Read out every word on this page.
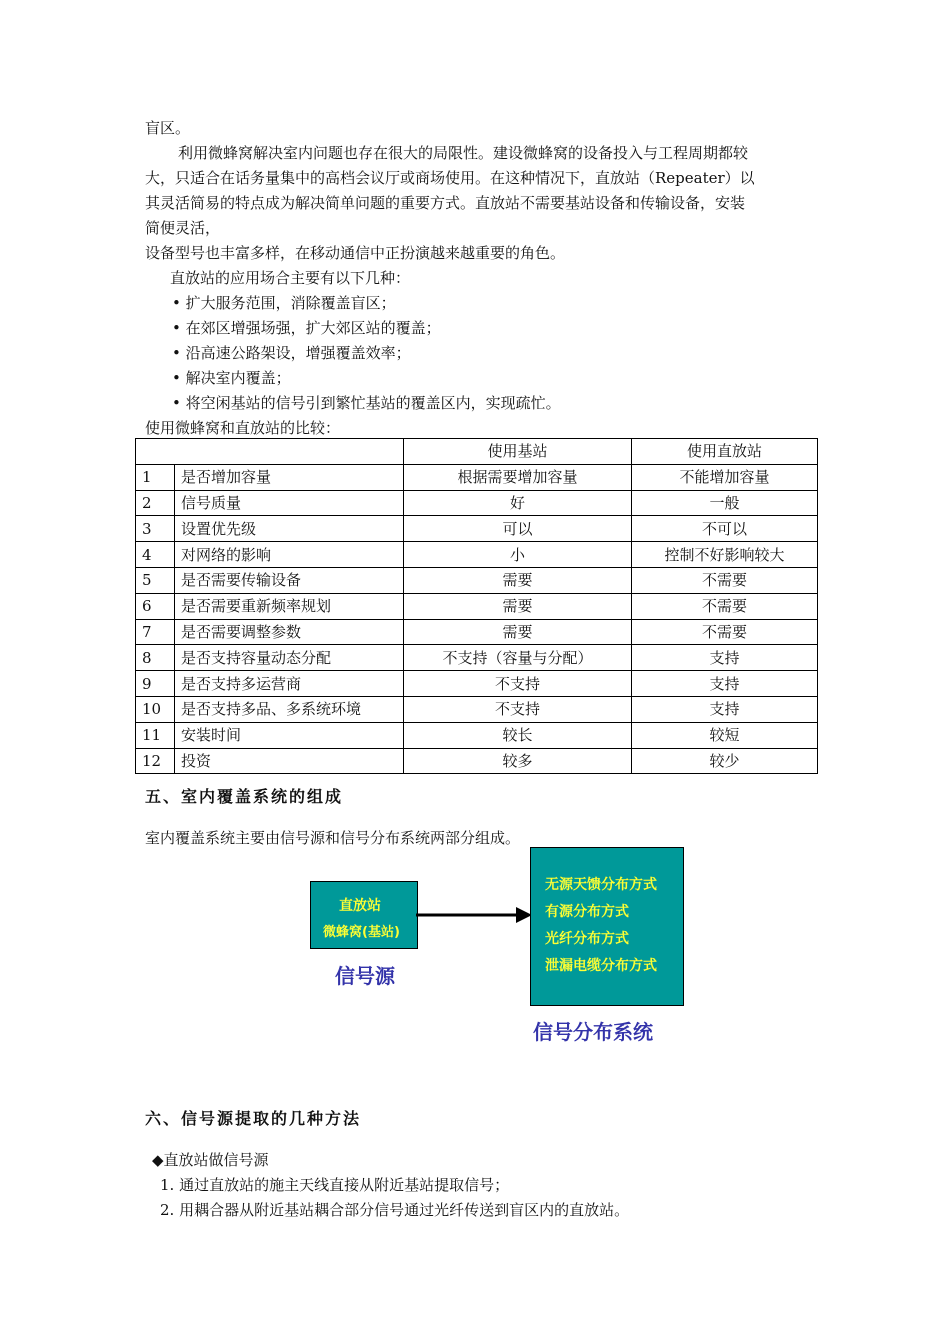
盲区。
利用微蜂窝解决室内问题也存在很大的局限性。建设微蜂窝的设备投入与工程周期都较
大，只适合在话务量集中的高档会议厅或商场使用。在这种情况下，直放站（Repeater）以
其灵活简易的特点成为解决简单问题的重要方式。直放站不需要基站设备和传输设备，安装
简便灵活，
设备型号也丰富多样，在移动通信中正扮演越来越重要的角色。
直放站的应用场合主要有以下几种：
• 扩大服务范围，消除覆盖盲区；
• 在郊区增强场强，扩大郊区站的覆盖；
• 沿高速公路架设，增强覆盖效率；
• 解决室内覆盖；
• 将空闲基站的信号引到繁忙基站的覆盖区内，实现疏忙。
使用微蜂窝和直放站的比较：
		使用基站	使用直放站
1	是否增加容量	根据需要增加容量	不能增加容量
2	信号质量	好	一般
3	设置优先级	可以	不可以
4	对网络的影响	小	控制不好影响较大
5	是否需要传输设备	需要	不需要
6	是否需要重新频率规划	需要	不需要
7	是否需要调整参数	需要	不需要
8	是否支持容量动态分配	不支持（容量与分配）	支持
9	是否支持多运营商	不支持	支持
10	是否支持多品、多系统环境	不支持	支持
11	安装时间	较长	较短
12	投资	较多	较少
五、室内覆盖系统的组成
室内覆盖系统主要由信号源和信号分布系统两部分组成。
直放站
微蜂窝(基站)
无源天馈分布方式
有源分布方式
光纤分布方式
泄漏电缆分布方式
信号源
信号分布系统
六、信号源提取的几种方法
◆直放站做信号源
1. 通过直放站的施主天线直接从附近基站提取信号；
2. 用耦合器从附近基站耦合部分信号通过光纤传送到盲区内的直放站。
